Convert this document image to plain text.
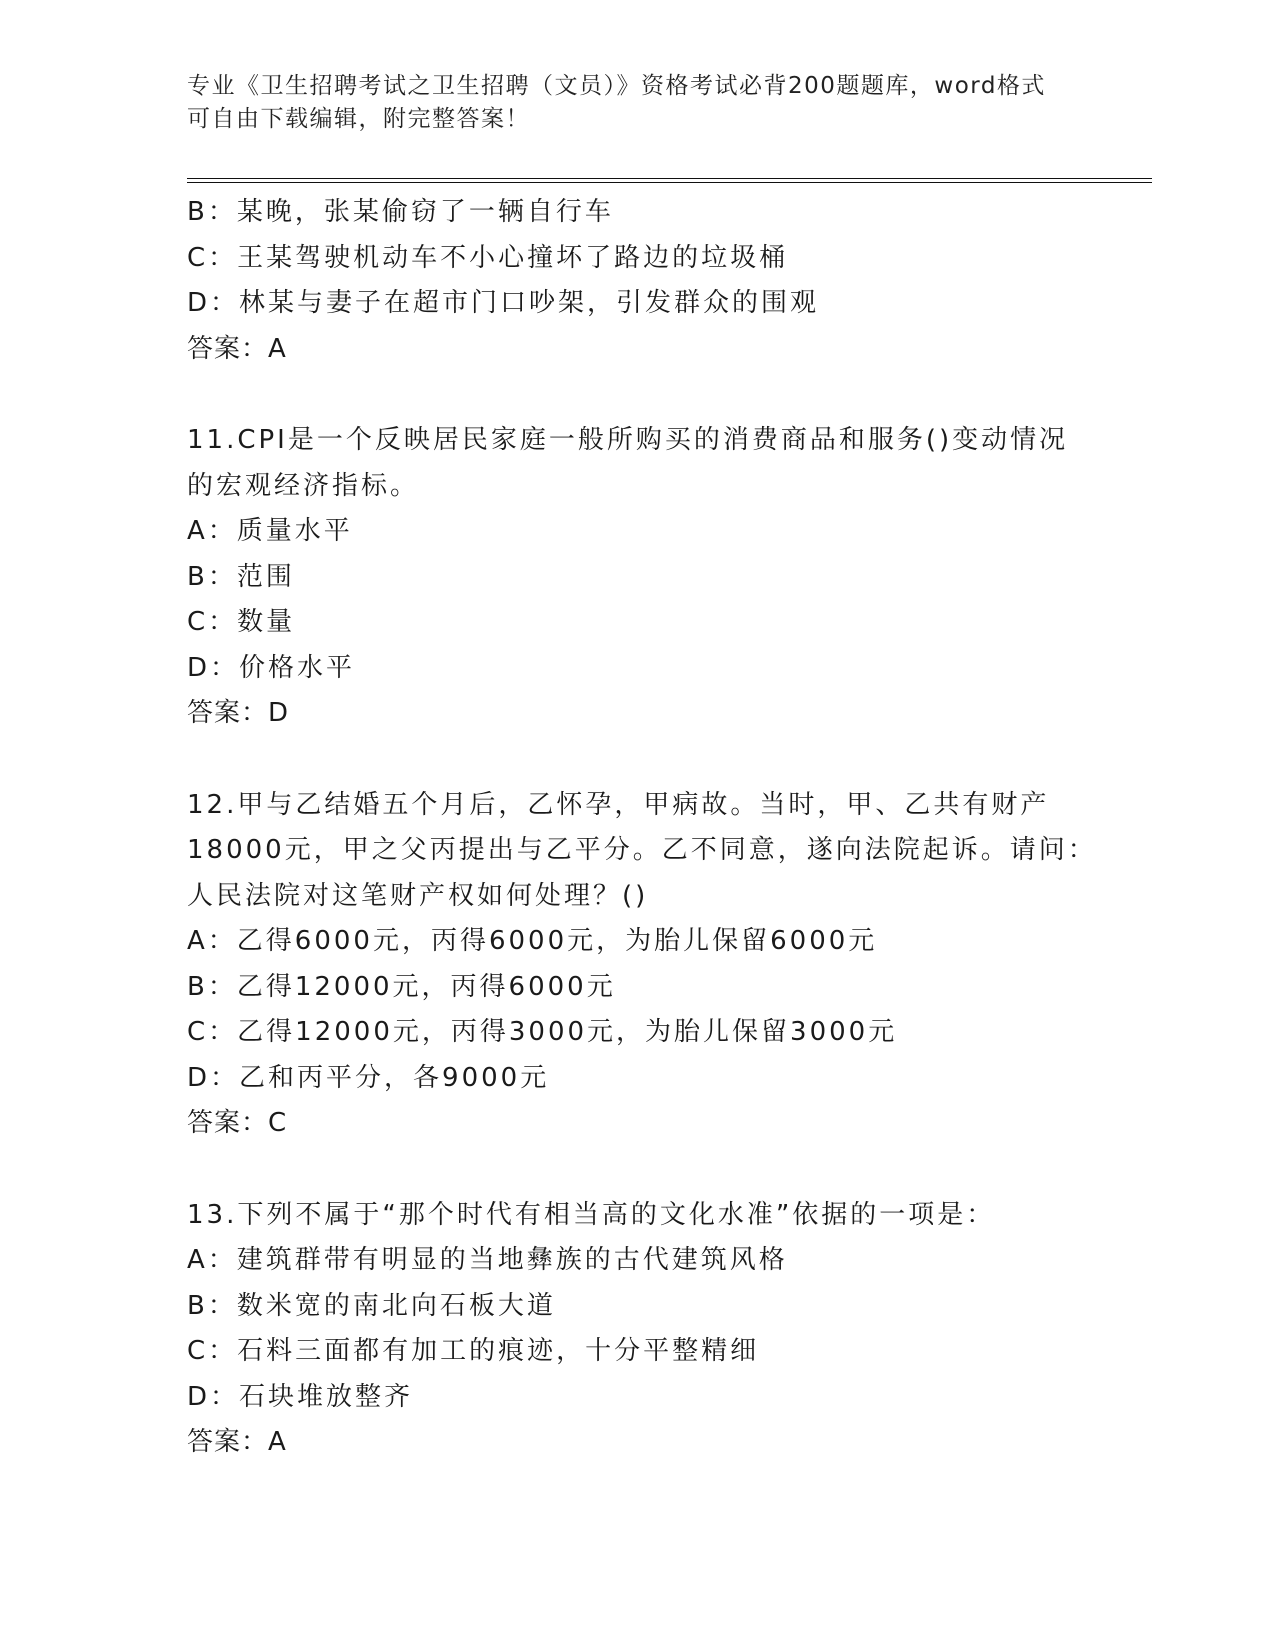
专业《卫生招聘考试之卫生招聘（文员）》资格考试必背200题题库，word格式
可自由下载编辑，附完整答案！
B：某晚，张某偷窃了一辆自行车
C：王某驾驶机动车不小心撞坏了路边的垃圾桶
D：林某与妻子在超市门口吵架，引发群众的围观
答案：A
11.CPI是一个反映居民家庭一般所购买的消费商品和服务()变动情况
的宏观经济指标。
A：质量水平
B：范围
C：数量
D：价格水平
答案：D
12.甲与乙结婚五个月后，乙怀孕，甲病故。当时，甲、乙共有财产
18000元，甲之父丙提出与乙平分。乙不同意，遂向法院起诉。请问：
人民法院对这笔财产权如何处理？()
A：乙得6000元，丙得6000元，为胎儿保留6000元
B：乙得12000元，丙得6000元
C：乙得12000元，丙得3000元，为胎儿保留3000元
D：乙和丙平分，各9000元
答案：C
13.下列不属于“那个时代有相当高的文化水准”依据的一项是：
A：建筑群带有明显的当地彝族的古代建筑风格
B：数米宽的南北向石板大道
C：石料三面都有加工的痕迹，十分平整精细
D：石块堆放整齐
答案：A
